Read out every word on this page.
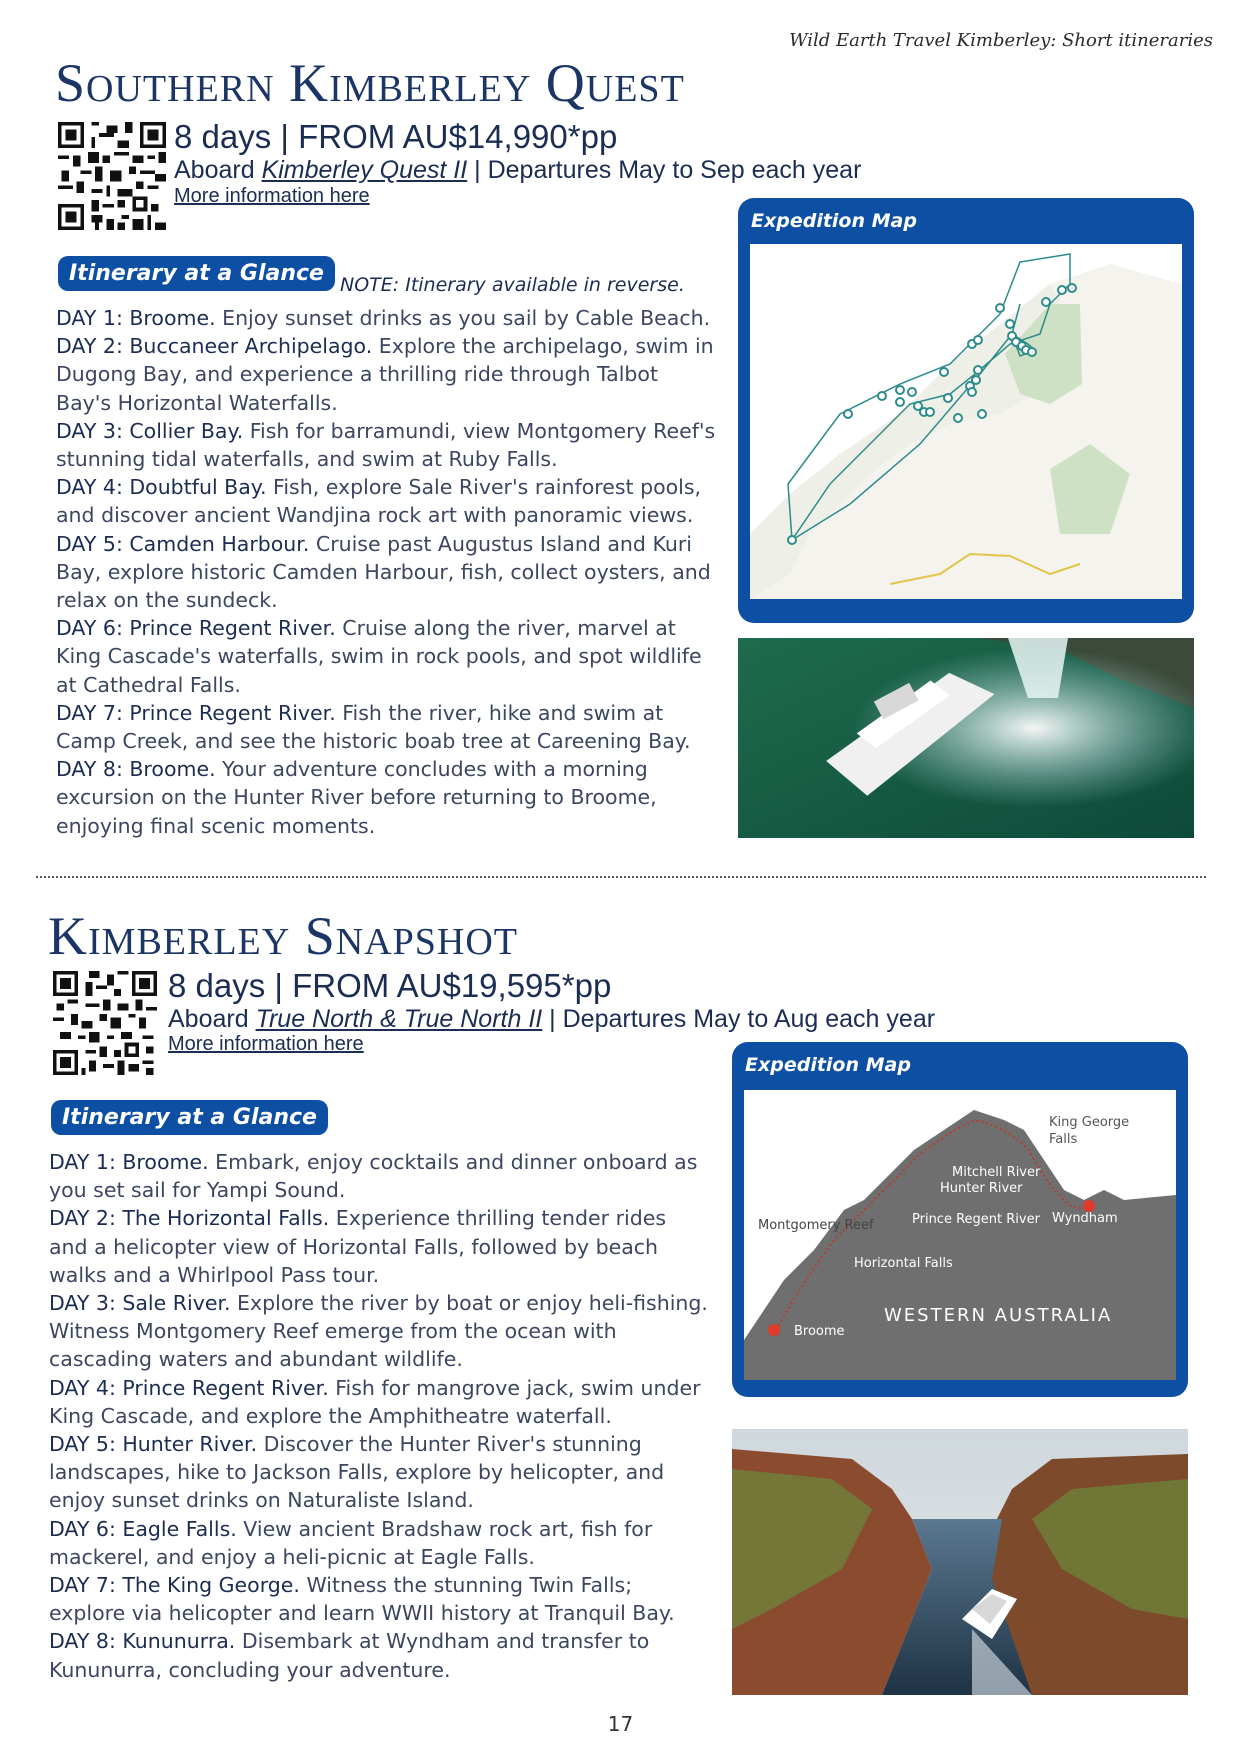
Wild Earth Travel Kimberley: Short itineraries
Southern Kimberley Quest
8 days | FROM AU$14,990*pp
Aboard Kimberley Quest II | Departures May to Sep each year
More information here
Itinerary at a Glance NOTE: Itinerary available in reverse.
DAY 1: Broome. Enjoy sunset drinks as you sail by Cable Beach.
DAY 2: Buccaneer Archipelago. Explore the archipelago, swim in Dugong Bay, and experience a thrilling ride through Talbot Bay's Horizontal Waterfalls.
DAY 3: Collier Bay. Fish for barramundi, view Montgomery Reef's stunning tidal waterfalls, and swim at Ruby Falls.
DAY 4: Doubtful Bay. Fish, explore Sale River's rainforest pools, and discover ancient Wandjina rock art with panoramic views.
DAY 5: Camden Harbour. Cruise past Augustus Island and Kuri Bay, explore historic Camden Harbour, fish, collect oysters, and relax on the sundeck.
DAY 6: Prince Regent River. Cruise along the river, marvel at King Cascade's waterfalls, swim in rock pools, and spot wildlife at Cathedral Falls.
DAY 7: Prince Regent River. Fish the river, hike and swim at Camp Creek, and see the historic boab tree at Careening Bay.
DAY 8: Broome. Your adventure concludes with a morning excursion on the Hunter River before returning to Broome, enjoying final scenic moments.
Expedition Map
Kimberley Snapshot
8 days | FROM AU$19,595*pp
Aboard True North & True North II | Departures May to Aug each year
More information here
Itinerary at a Glance
DAY 1: Broome. Embark, enjoy cocktails and dinner onboard as you set sail for Yampi Sound.
DAY 2: The Horizontal Falls. Experience thrilling tender rides and a helicopter view of Horizontal Falls, followed by beach walks and a Whirlpool Pass tour.
DAY 3: Sale River. Explore the river by boat or enjoy heli-fishing. Witness Montgomery Reef emerge from the ocean with cascading waters and abundant wildlife.
DAY 4: Prince Regent River. Fish for mangrove jack, swim under King Cascade, and explore the Amphitheatre waterfall.
DAY 5: Hunter River. Discover the Hunter River's stunning landscapes, hike to Jackson Falls, explore by helicopter, and enjoy sunset drinks on Naturaliste Island.
DAY 6: Eagle Falls. View ancient Bradshaw rock art, fish for mackerel, and enjoy a heli-picnic at Eagle Falls.
DAY 7: The King George. Witness the stunning Twin Falls; explore via helicopter and learn WWII history at Tranquil Bay.
DAY 8: Kununurra. Disembark at Wyndham and transfer to Kununurra, concluding your adventure.
Expedition Map
King George
Falls
Mitchell River
Hunter River
Montgomery Reef	Prince Regent River Wyndham
Horizontal Falls
WESTERN AUSTRALIA
Broome
17
